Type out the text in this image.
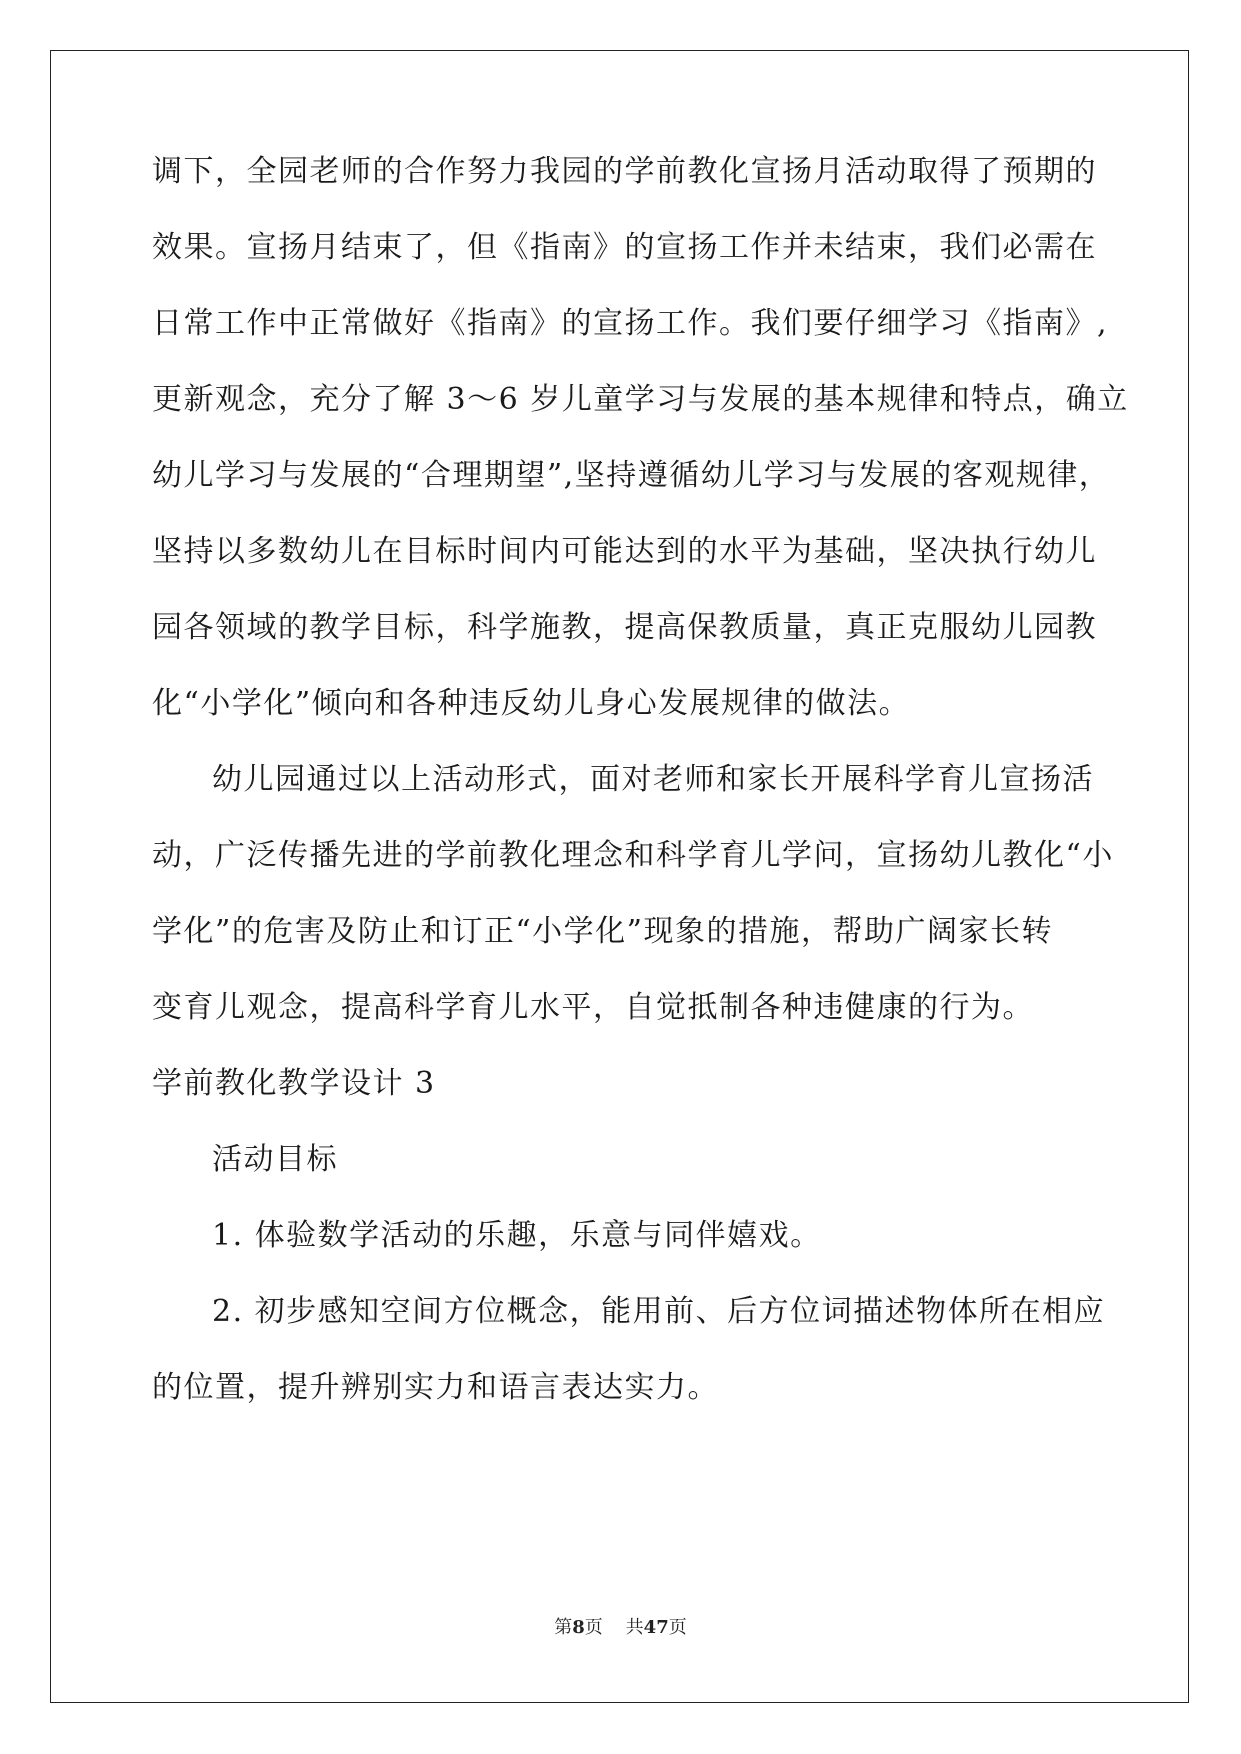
调下，全园老师的合作努力我园的学前教化宣扬月活动取得了预期的
效果。宣扬月结束了，但《指南》的宣扬工作并未结束，我们必需在
日常工作中正常做好《指南》的宣扬工作。我们要仔细学习《指南》,
更新观念，充分了解 3～6 岁儿童学习与发展的基本规律和特点，确立
幼儿学习与发展的“合理期望”,坚持遵循幼儿学习与发展的客观规律，
坚持以多数幼儿在目标时间内可能达到的水平为基础，坚决执行幼儿
园各领域的教学目标，科学施教，提高保教质量，真正克服幼儿园教
化“小学化”倾向和各种违反幼儿身心发展规律的做法。
幼儿园通过以上活动形式，面对老师和家长开展科学育儿宣扬活
动，广泛传播先进的学前教化理念和科学育儿学问，宣扬幼儿教化“小
学化”的危害及防止和订正“小学化”现象的措施，帮助广阔家长转
变育儿观念，提高科学育儿水平，自觉抵制各种违健康的行为。
学前教化教学设计 3
活动目标
1. 体验数学活动的乐趣，乐意与同伴嬉戏。
2. 初步感知空间方位概念，能用前、后方位词描述物体所在相应
的位置，提升辨别实力和语言表达实力。
第8页 共47页
